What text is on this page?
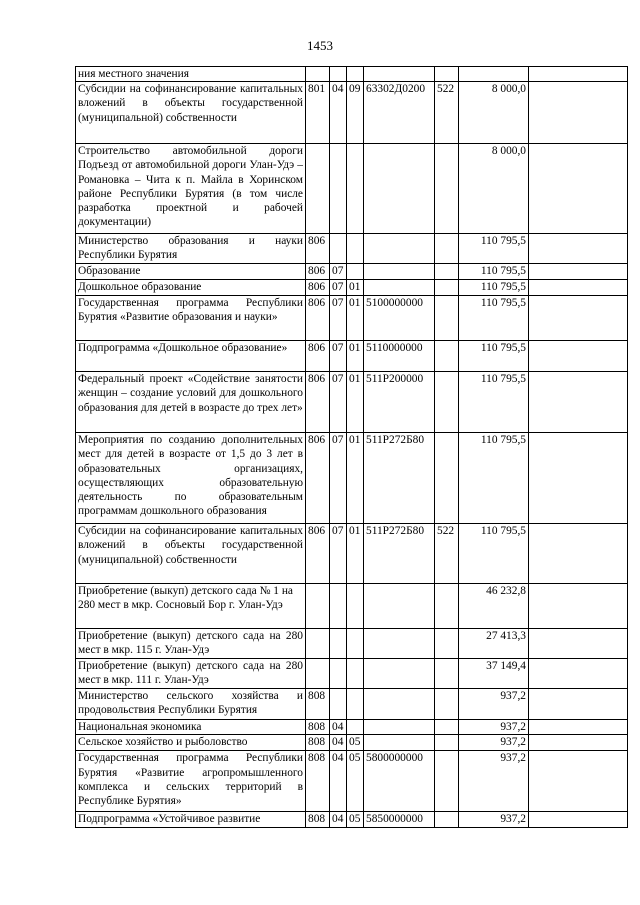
1453
ния местного значения							
Субсидии на софинансирование капитальных вложений в объекты государственной (муниципальной) собственности	801	04	09	63302Д0200	522	8 000,0	
Строительство автомобильной дороги Подъезд от автомобильной дороги Улан-Удэ – Романовка – Чита к п. Майла в Хоринском районе Республики Бурятия (в том числе разработка проектной и рабочей документации)						8 000,0	
Министерство образования и науки Республики Бурятия	806					110 795,5	
Образование	806	07				110 795,5	
Дошкольное образование	806	07	01			110 795,5	
Государственная программа Республики Бурятия «Развитие образования и науки»	806	07	01	5100000000		110 795,5	
Подпрограмма «Дошкольное образование»	806	07	01	5110000000		110 795,5	
Федеральный проект «Содействие занятости женщин – создание условий для дошкольного образования для детей в возрасте до трех лет»	806	07	01	511P200000		110 795,5	
Мероприятия по созданию дополнительных мест для детей в возрасте от 1,5 до 3 лет в образовательных организациях, осуществляющих образовательную деятельность по образовательным программам дошкольного образования	806	07	01	511P272Б80		110 795,5	
Субсидии на софинансирование капитальных вложений в объекты государственной (муниципальной) собственности	806	07	01	511P272Б80	522	110 795,5	
Приобретение (выкуп) детского сада № 1 на 280 мест в мкр. Сосновый Бор г. Улан-Удэ						46 232,8	
Приобретение (выкуп) детского сада на 280 мест в мкр. 115 г. Улан-Удэ						27 413,3	
Приобретение (выкуп) детского сада на 280 мест в мкр. 111 г. Улан-Удэ						37 149,4	
Министерство сельского хозяйства и продовольствия Республики Бурятия	808					937,2	
Национальная экономика	808	04				937,2	
Сельское хозяйство и рыболовство	808	04	05			937,2	
Государственная программа Республики Бурятия «Развитие агропромышленного комплекса и сельских территорий в Республике Бурятия»	808	04	05	5800000000		937,2	
Подпрограмма «Устойчивое развитие	808	04	05	5850000000		937,2	
